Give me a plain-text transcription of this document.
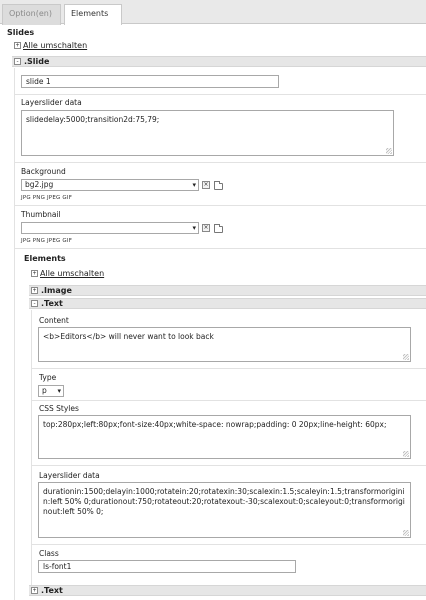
Option(en)	Elements
Slides
+ Alle umschalten
- .Slide
slide 1
Layerslider data
slidedelay:5000;transition2d:75,79;
Background
bg2.jpg	▾ ×
JPG PNG JPEG GIF
Thumbnail
▾ ×
JPG PNG JPEG GIF
Elements
+ Alle umschalten
+ .Image
- .Text
Content
<b>Editors</b> will never want to look back
Type
p ▾
CSS Styles
top:280px;left:80px;font-size:40px;white-space: nowrap;padding: 0 20px;line-height: 60px;
Layerslider data
durationin:1500;delayin:1000;rotatein:20;rotatexin:30;scalexin:1.5;scaleyin:1.5;transformoriginin:left 50% 0;durationout:750;rotateout:20;rotatexout:-30;scalexout:0;scaleyout:0;transformoriginout:left 50% 0;
Class
ls-font1
+ .Text
